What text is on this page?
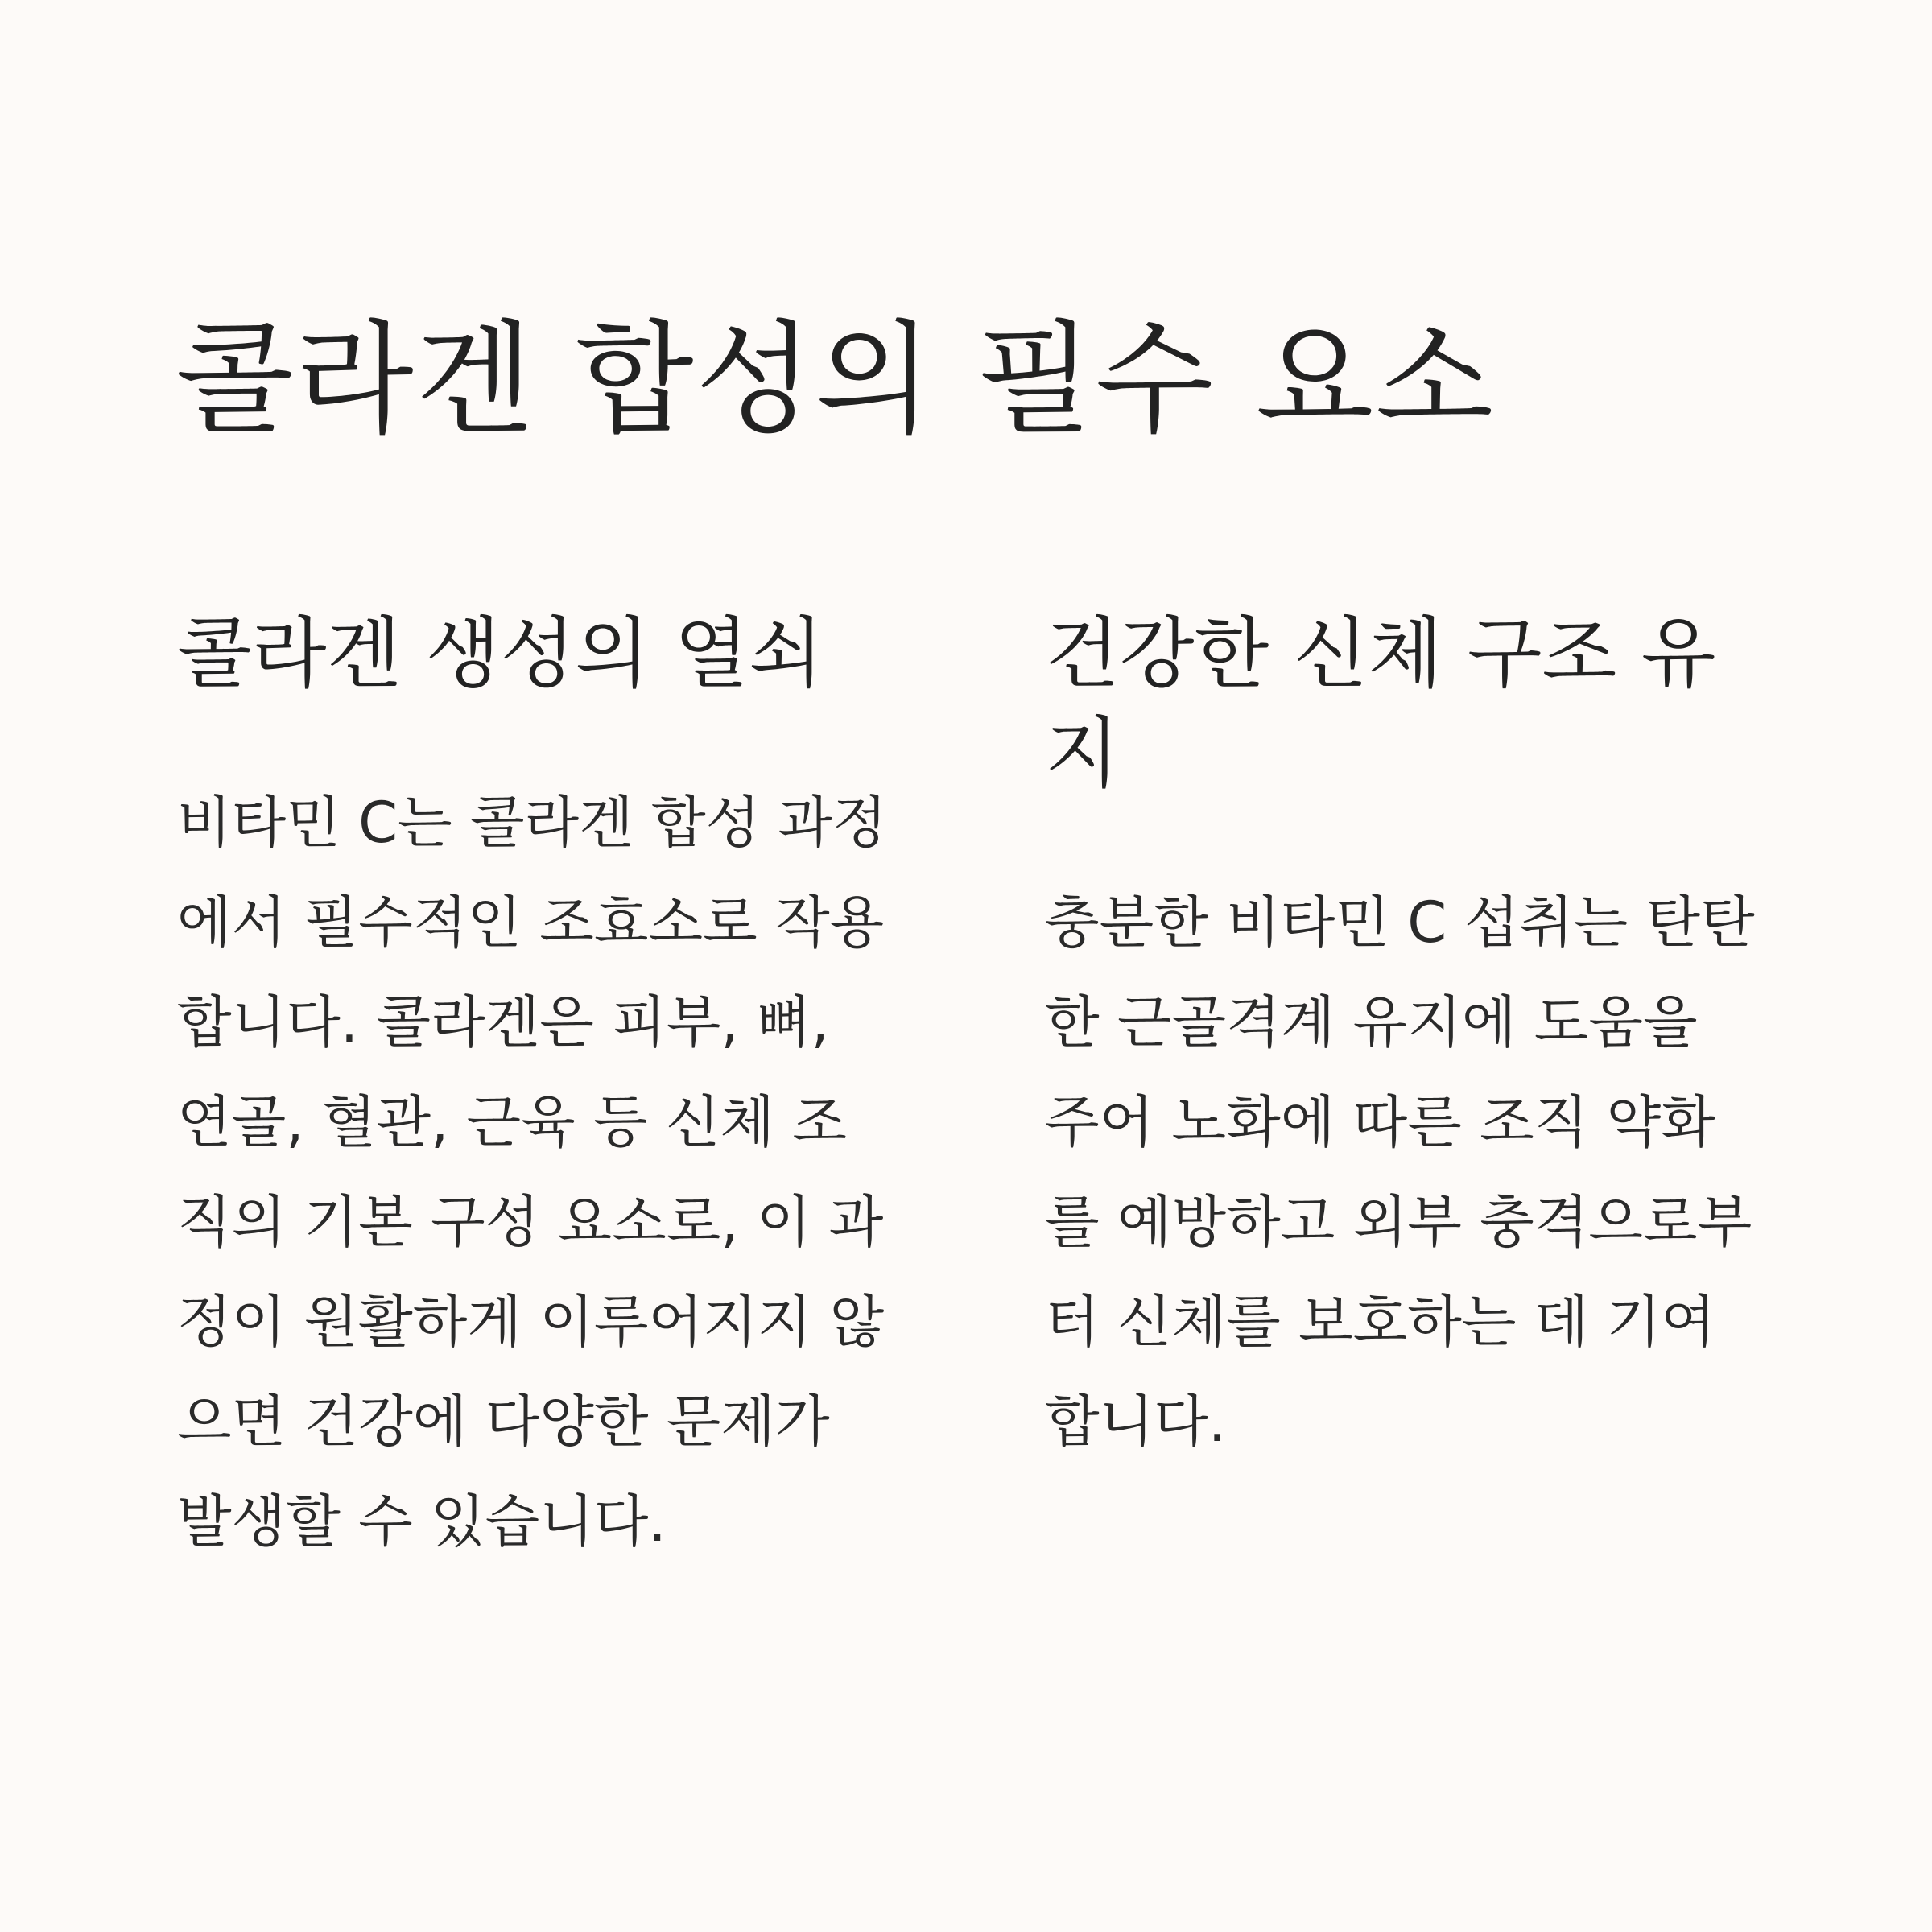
콜라겐 합성의 필수 요소
콜라겐 생성의 열쇠

비타민 C는 콜라겐 합성 과정에서 필수적인 조효소로 작용합니다. 콜라겐은 피부, 뼈, 연골, 혈관, 근육 등 신체 조직의 기본 구성 요소로, 이 과정이 원활하게 이루어지지 않으면 건강에 다양한 문제가 발생할 수 있습니다.

건강한 신체 구조 유지

충분한 비타민 C 섭취는 탄탄한 근골격계 유지에 도움을 주어 노화에 따른 조직 약화를 예방하고 외부 충격으로부터 신체를 보호하는 데 기여합니다.
